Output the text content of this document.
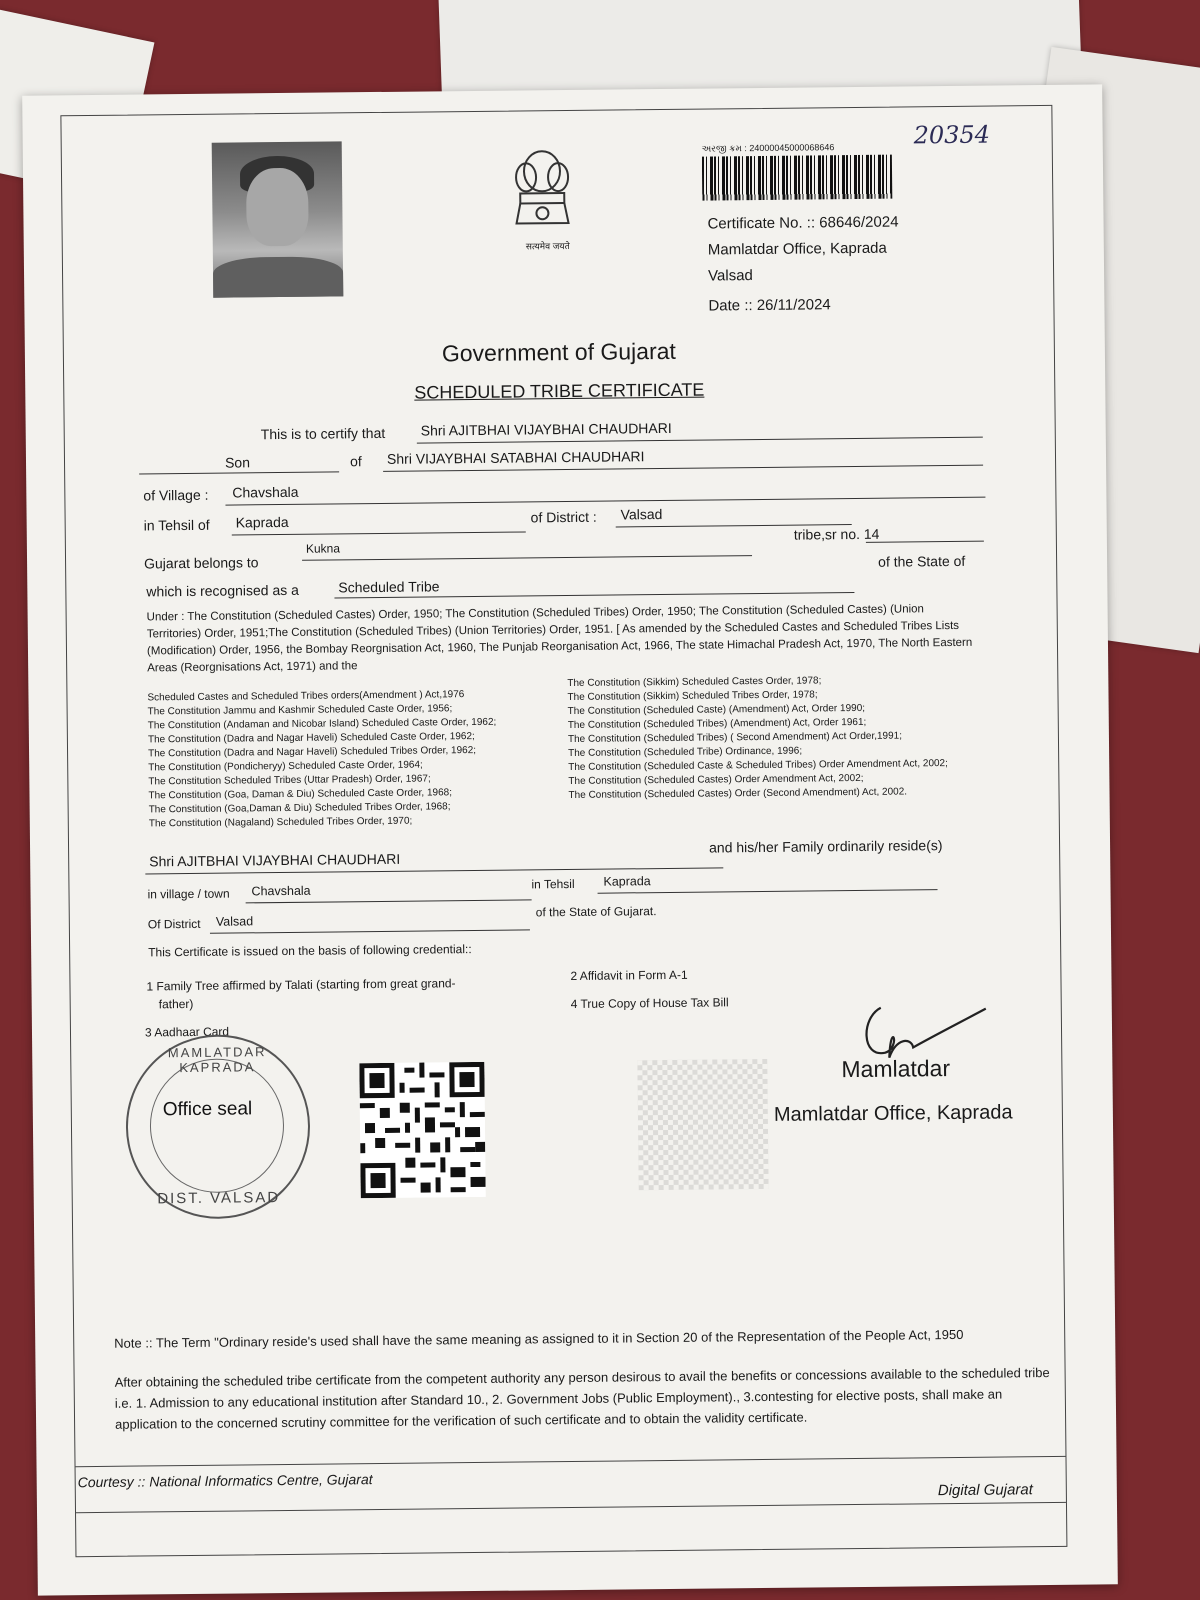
सत्यमेव जयते
અરજી ક્રમ : 24000045000068646	20354
Certificate No. :: 68646/2024
Mamlatdar Office, Kaprada
Valsad
Date :: 26/11/2024
Government of Gujarat
SCHEDULED TRIBE CERTIFICATE
This is to certify that	Shri AJITBHAI VIJAYBHAI CHAUDHARI
Son	of Shri VIJAYBHAI SATABHAI CHAUDHARI
of Village : Chavshala
in Tehsil of Kaprada	of District : Valsad
Gujarat belongs to
Kukna
tribe,sr no. 14
of the State of
which is recognised as a	Scheduled Tribe
Under : The Constitution (Scheduled Castes) Order, 1950; The Constitution (Scheduled Tribes) Order, 1950; The Constitution (Scheduled Castes) (Union Territories) Order, 1951;The Constitution (Scheduled Tribes) (Union Territories) Order, 1951. [ As amended by the Scheduled Castes and Scheduled Tribes Lists (Modification) Order, 1956, the Bombay Reorgnisation Act, 1960, The Punjab Reorganisation Act, 1966, The state Himachal Pradesh Act, 1970, The North Eastern Areas (Reorgnisations Act, 1971) and the
Scheduled Castes and Scheduled Tribes orders(Amendment ) Act,1976
The Constitution Jammu and Kashmir Scheduled Caste Order, 1956;
The Constitution (Andaman and Nicobar Island) Scheduled Caste Order, 1962;
The Constitution (Dadra and Nagar Haveli) Scheduled Caste Order, 1962;
The Constitution (Dadra and Nagar Haveli) Scheduled Tribes Order, 1962;
The Constitution (Pondicheryy) Scheduled Caste Order, 1964;
The Constitution Scheduled Tribes (Uttar Pradesh) Order, 1967;
The Constitution (Goa, Daman & Diu) Scheduled Caste Order, 1968;
The Constitution (Goa,Daman & Diu) Scheduled Tribes Order, 1968;
The Constitution (Nagaland) Scheduled Tribes Order, 1970;
The Constitution (Sikkim) Scheduled Castes Order, 1978;
The Constitution (Sikkim) Scheduled Tribes Order, 1978;
The Constitution (Scheduled Caste) (Amendment) Act, Order 1990;
The Constitution (Scheduled Tribes) (Amendment) Act, Order 1961;
The Constitution (Scheduled Tribes) ( Second Amendment) Act Order,1991;
The Constitution (Scheduled Tribe) Ordinance, 1996;
The Constitution (Scheduled Caste & Scheduled Tribes) Order Amendment Act, 2002;
The Constitution (Scheduled Castes) Order Amendment Act, 2002;
The Constitution (Scheduled Castes) Order (Second Amendment) Act, 2002.
Shri AJITBHAI VIJAYBHAI CHAUDHARI
and his/her Family ordinarily reside(s)
in village / town Chavshala	in Tehsil Kaprada
Of District Valsad
of the State of Gujarat.
This Certificate is issued on the basis of following credential::
1 Family Tree affirmed by Talati (starting from great grand-
father)
2 Affidavit in Form A-1
3 Aadhaar Card
4 True Copy of House Tax Bill
MAMLATDAR KAPRADA
Office seal
DIST. VALSAD
Mamlatdar
Mamlatdar Office, Kaprada
Note :: The Term "Ordinary reside's used shall have the same meaning as assigned to it in Section 20 of the Representation of the People Act, 1950
After obtaining the scheduled tribe certificate from the competent authority any person desirous to avail the benefits or concessions available to the scheduled tribe i.e. 1. Admission to any educational institution after Standard 10., 2. Government Jobs (Public Employment)., 3.contesting for elective posts, shall make an application to the concerned scrutiny committee for the verification of such certificate and to obtain the validity certificate.
Courtesy :: National Informatics Centre, Gujarat	Digital Gujarat
